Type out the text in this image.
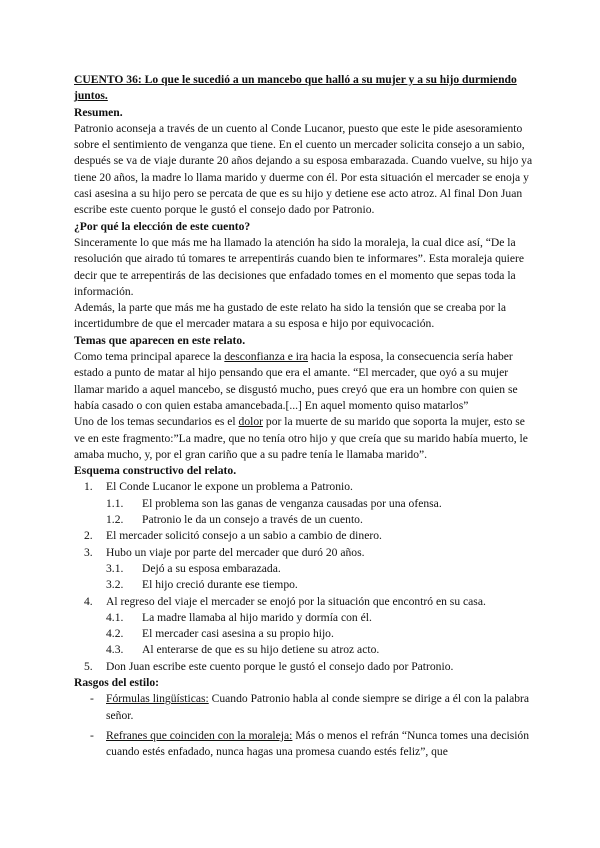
CUENTO 36: Lo que le sucedió a un mancebo que halló a su mujer y a su hijo durmiendo juntos.

Resumen.

Patronio aconseja a través de un cuento al Conde Lucanor, puesto que este le pide asesoramiento sobre el sentimiento de venganza que tiene. En el cuento un mercader solicita consejo a un sabio, después se va de viaje durante 20 años dejando a su esposa embarazada. Cuando vuelve, su hijo ya tiene 20 años, la madre lo llama marido y duerme con él. Por esta situación el mercader se enoja y casi asesina a su hijo pero se percata de que es su hijo y detiene ese acto atroz. Al final Don Juan escribe este cuento porque le gustó el consejo dado por Patronio.

¿Por qué la elección de este cuento?

Sinceramente lo que más me ha llamado la atención ha sido la moraleja, la cual dice así, “De la resolución que airado tú tomares te arrepentirás cuando bien te informares”. Esta moraleja quiere decir que te arrepentirás de las decisiones que enfadado tomes en el momento que sepas toda la información.

Además, la parte que más me ha gustado de este relato ha sido la tensión que se creaba por la incertidumbre de que el mercader matara a su esposa e hijo por equivocación.

Temas que aparecen en este relato.

Como tema principal aparece la desconfianza e ira hacia la esposa, la consecuencia sería haber estado a punto de matar al hijo pensando que era el amante. “El mercader, que oyó a su mujer llamar marido a aquel mancebo, se disgustó mucho, pues creyó que era un hombre con quien se había casado o con quien estaba amancebada.[...] En aquel momento quiso matarlos”

Uno de los temas secundarios es el dolor por la muerte de su marido que soporta la mujer, esto se ve en este fragmento:”La madre, que no tenía otro hijo y que creía que su marido había muerto, le amaba mucho, y, por el gran cariño que a su padre tenía le llamaba marido”.

Esquema constructivo del relato.

1.	El Conde Lucanor le expone un problema a Patronio.
1.1.	El problema son las ganas de venganza causadas por una ofensa.
1.2.	Patronio le da un consejo a través de un cuento.
2.	El mercader solicitó consejo a un sabio a cambio de dinero.
3.	Hubo un viaje por parte del mercader que duró 20 años.
3.1.	Dejó a su esposa embarazada.
3.2.	El hijo creció durante ese tiempo.
4.	Al regreso del viaje el mercader se enojó por la situación que encontró en su casa.
4.1.	La madre llamaba al hijo marido y dormía con él.
4.2.	El mercader casi asesina a su propio hijo.
4.3.	Al enterarse de que es su hijo detiene su atroz acto.
5.	Don Juan escribe este cuento porque le gustó el consejo dado por Patronio.

Rasgos del estilo:

-	Fórmulas lingüísticas: Cuando Patronio habla al conde siempre se dirige a él con la palabra señor.
-	Refranes que coinciden con la moraleja: Más o menos el refrán “Nunca tomes una decisión cuando estés enfadado, nunca hagas una promesa cuando estés feliz”, que
